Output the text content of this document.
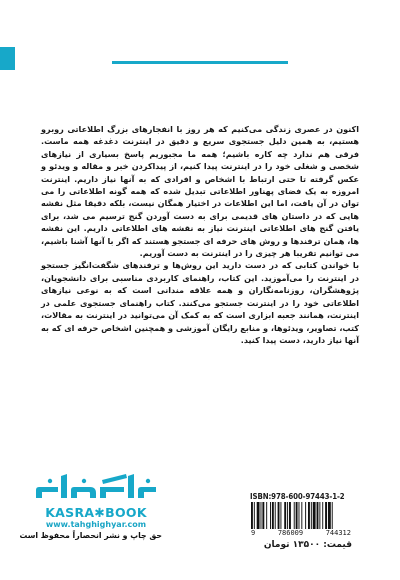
اکنون در عصری زندگی می‌کنیم که هر روز با انفجارهای بزرگ اطلاعاتی روبرو هستیم، به همین دلیل جستجوی سریع و دقیق در اینترنت دغدغه همه ماست. فرقی هم ندارد چه کاره باشیم؛ همه ما مجبوریم پاسخ بسیاری از نیازهای شخصی و شغلی خود را در اینترنت پیدا کنیم، از پیداکردن خبر و مقاله و ویدئو و عکس گرفته تا حتی ارتباط با اشخاص و افرادی که به آنها نیاز داریم. اینترنت امروزه به یک فضای پهناور اطلاعاتی تبدیل شده که همه گونه اطلاعاتی را می توان در آن یافت، اما این اطلاعات در اختیار همگان نیست، بلکه دقیقا مثل نقشه هایی که در داستان های قدیمی برای به دست آوردن گنج ترسیم می شد، برای یافتن گنج های اطلاعاتی اینترنت نیاز به نقشه های اطلاعاتی داریم. این نقشه ها، همان ترفندها و روش های حرفه ای جستجو هستند که اگر با آنها آشنا باشیم، می توانیم تقریبا هر چیزی را در اینترنت به دست آوریم.

با خواندن کتابی که در دست دارید این روش‌ها و ترفندهای شگفت‌انگیز جستجو در اینترنت را می‌آموزید. این کتاب، راهنمای کاربردی مناسبی برای دانشجویان، پژوهشگران، روزنامه‌نگاران و همه علاقه مندانی است که به نوعی نیازهای اطلاعاتی خود را در اینترنت جستجو می‌کنند. کتاب راهنمای جستجوی علمی در اینترنت، همانند جعبه ابزاری است که به کمک آن می‌توانید در اینترنت به مقالات، کتب، تصاویر، ویدئوها، و منابع رایگان آموزشی و همچنین اشخاص حرفه ای که به آنها نیاز دارید، دست پیدا کنید.

KASRA✱BOOK
www.tahghighyar.com
حق چاپ و نشر انحصاراً محفوظ است
ISBN:978-600-97443-1-2
9	786009	744312
قیمت: ۱۳۵۰۰ تومان
